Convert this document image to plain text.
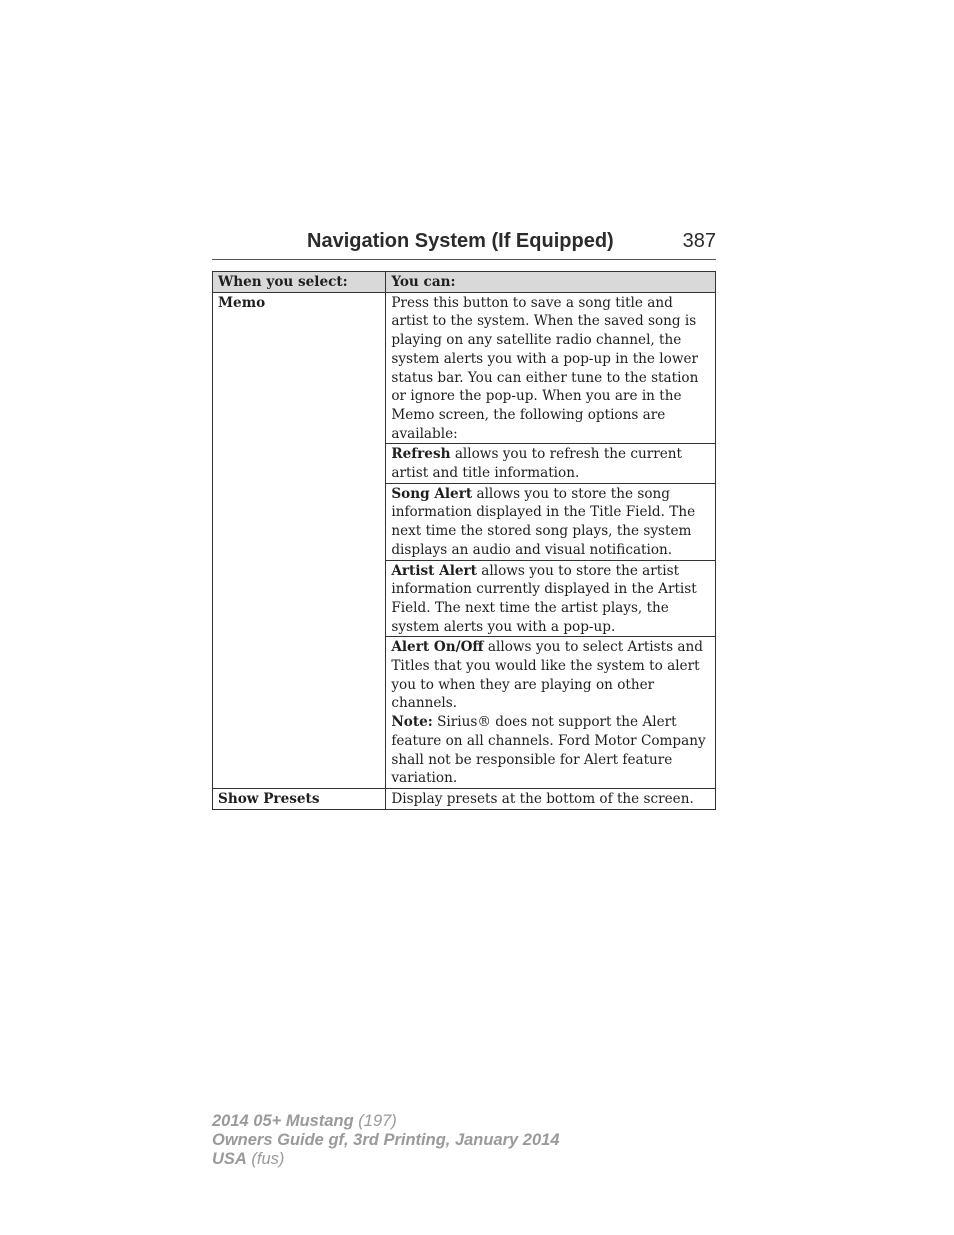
Navigation System (If Equipped)	387
When you select:	You can:
Memo	Press this button to save a song title and artist to the system. When the saved song is playing on any satellite radio channel, the system alerts you with a pop-up in the lower status bar. You can either tune to the station or ignore the pop-up. When you are in the Memo screen, the following options are available:
	Refresh allows you to refresh the current artist and title information.
	Song Alert allows you to store the song information displayed in the Title Field. The next time the stored song plays, the system displays an audio and visual notification.
	Artist Alert allows you to store the artist information currently displayed in the Artist Field. The next time the artist plays, the system alerts you with a pop-up.
	Alert On/Off allows you to select Artists and Titles that you would like the system to alert you to when they are playing on other channels.
Note: Sirius® does not support the Alert feature on all channels. Ford Motor Company shall not be responsible for Alert feature variation.
Show Presets	Display presets at the bottom of the screen.
2014 05+ Mustang (197)
Owners Guide gf, 3rd Printing, January 2014
USA (fus)
